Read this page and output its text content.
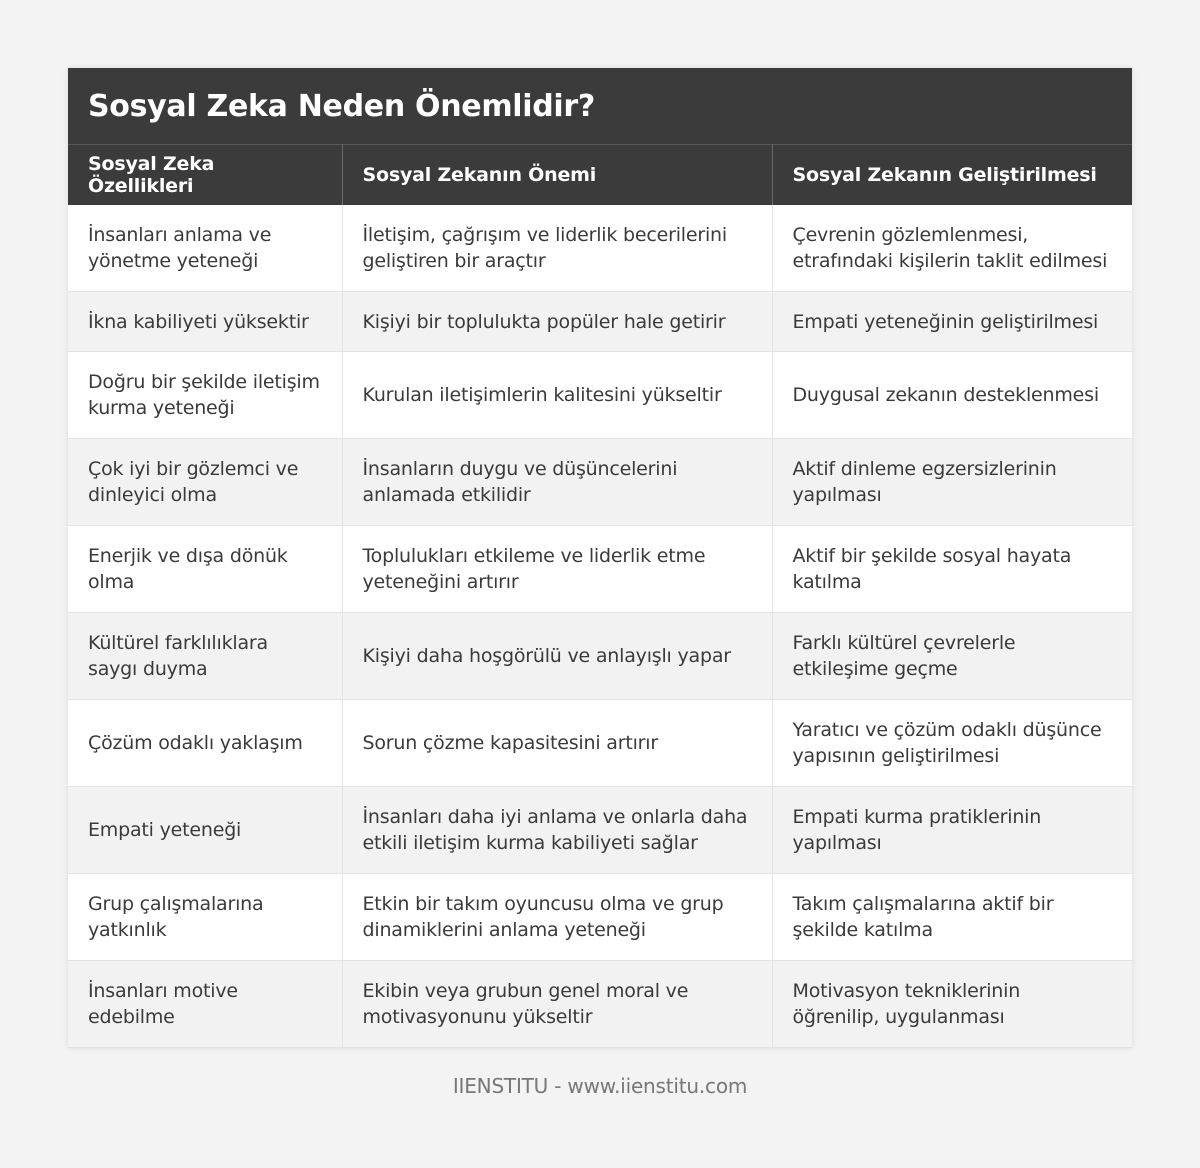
Sosyal Zeka Neden Önemlidir?
Sosyal Zeka Özellikleri	Sosyal Zekanın Önemi	Sosyal Zekanın Geliştirilmesi
İnsanları anlama ve yönetme yeteneği	İletişim, çağrışım ve liderlik becerilerini geliştiren bir araçtır	Çevrenin gözlemlenmesi, etrafındaki kişilerin taklit edilmesi
İkna kabiliyeti yüksektir	Kişiyi bir toplulukta popüler hale getirir	Empati yeteneğinin geliştirilmesi
Doğru bir şekilde iletişim kurma yeteneği	Kurulan iletişimlerin kalitesini yükseltir	Duygusal zekanın desteklenmesi
Çok iyi bir gözlemci ve dinleyici olma	İnsanların duygu ve düşüncelerini anlamada etkilidir	Aktif dinleme egzersizlerinin yapılması
Enerjik ve dışa dönük olma	Toplulukları etkileme ve liderlik etme yeteneğini artırır	Aktif bir şekilde sosyal hayata katılma
Kültürel farklılıklara saygı duyma	Kişiyi daha hoşgörülü ve anlayışlı yapar	Farklı kültürel çevrelerle etkileşime geçme
Çözüm odaklı yaklaşım	Sorun çözme kapasitesini artırır	Yaratıcı ve çözüm odaklı düşünce yapısının geliştirilmesi
Empati yeteneği	İnsanları daha iyi anlama ve onlarla daha etkili iletişim kurma kabiliyeti sağlar	Empati kurma pratiklerinin yapılması
Grup çalışmalarına yatkınlık	Etkin bir takım oyuncusu olma ve grup dinamiklerini anlama yeteneği	Takım çalışmalarına aktif bir şekilde katılma
İnsanları motive edebilme	Ekibin veya grubun genel moral ve motivasyonunu yükseltir	Motivasyon tekniklerinin öğrenilip, uygulanması
IIENSTITU - www.iienstitu.com
